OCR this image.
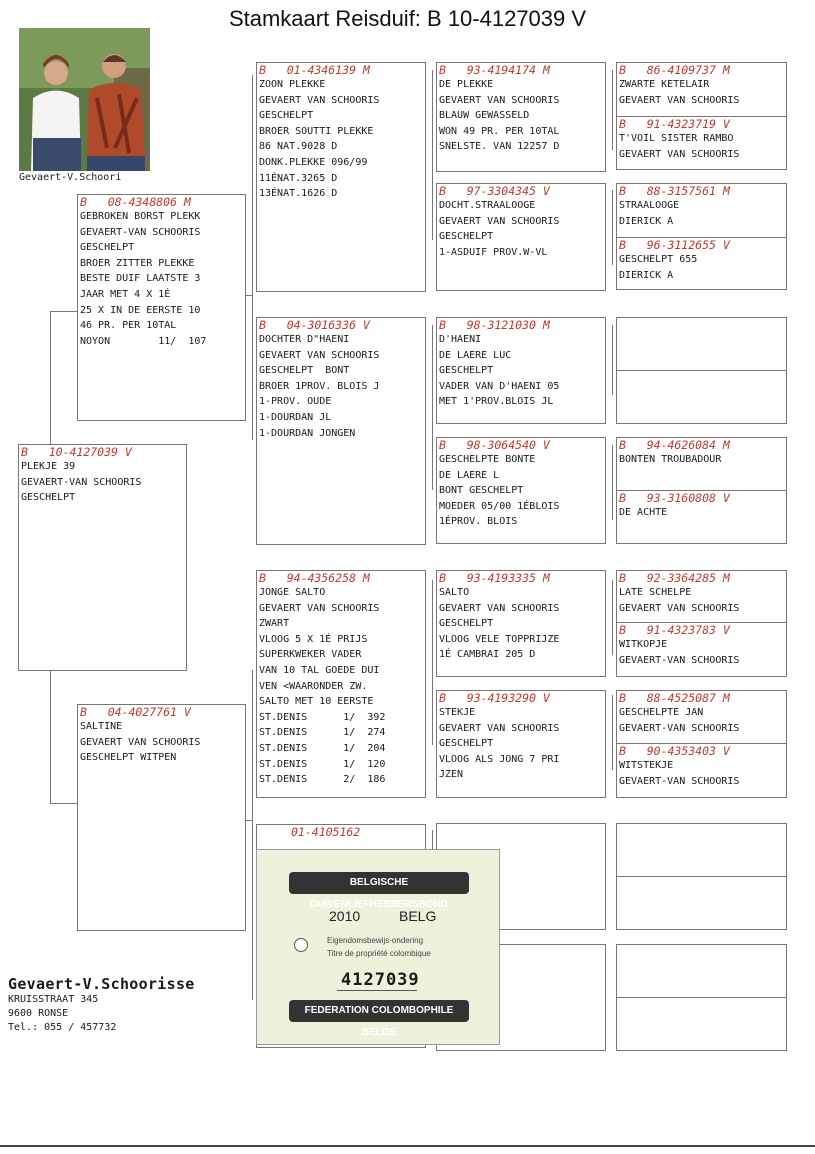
Stamkaart Reisduif: B 10-4127039 V
Gevaert-V.Schoori
B   10-4127039 V
PLEKJE 39
GEVAERT-VAN SCHOORIS
GESCHELPT
B   08-4348806 M
GEBROKEN BORST PLEKK
GEVAERT-VAN SCHOORIS
GESCHELPT
BROER ZITTER PLEKKE
BESTE DUIF LAATSTE 3
JAAR MET 4 X 1É
25 X IN DE EERSTE 10
46 PR. PER 10TAL
NOYON        11/  107
B   04-4027761 V
SALTINE
GEVAERT VAN SCHOORIS
GESCHELPT WITPEN
B   01-4346139 M
ZOON PLEKKE
GEVAERT VAN SCHOORIS
GESCHELPT
BROER SOUTTI PLEKKE
86 NAT.9028 D
DONK.PLEKKE 096/99
11ÉNAT.3265 D
13ÉNAT.1626 D
B   04-3016336 V
DOCHTER D"HAENI
GEVAERT VAN SCHOORIS
GESCHELPT  BONT
BROER 1PROV. BLOIS J
1-PROV. OUDE
1-DOURDAN JL
1-DOURDAN JONGEN
B   94-4356258 M
JONGE SALTO
GEVAERT VAN SCHOORIS
ZWART
VLOOG 5 X 1É PRIJS
SUPERKWEKER VADER
VAN 10 TAL GOEDE DUI
VEN <WAARONDER ZW.
SALTO MET 10 EERSTE
ST.DENIS      1/  392
ST.DENIS      1/  274
ST.DENIS      1/  204
ST.DENIS      1/  120
ST.DENIS      2/  186
01-4105162
B   93-4194174 M
DE PLEKKE
GEVAERT VAN SCHOORIS
BLAUW GEWASSELD
WON 49 PR. PER 10TAL
SNELSTE. VAN 12257 D
B   97-3304345 V
DOCHT.STRAALOOGE
GEVAERT VAN SCHOORIS
GESCHELPT
1-ASDUIF PROV.W-VL
B   98-3121030 M
D'HAENI
DE LAERE LUC
GESCHELPT
VADER VAN D'HAENI 05
MET 1'PROV.BLOIS JL
B   98-3064540 V
GESCHELPTE BONTE
DE LAERE L
BONT GESCHELPT
MOEDER 05/00 1ÉBLOIS
1ÉPROV. BLOIS
B   93-4193335 M
SALTO
GEVAERT VAN SCHOORIS
GESCHELPT
VLOOG VELE TOPPRIJZE
1É CAMBRAI 205 D
B   93-4193290 V
STEKJE
GEVAERT VAN SCHOORIS
GESCHELPT
VLOOG ALS JONG 7 PRI
JZEN
B   86-4109737 M
ZWARTE KETELAIR
GEVAERT VAN SCHOORIS
B   91-4323719 V
T'VOIL SISTER RAMBO
GEVAERT VAN SCHOORIS
B   88-3157561 M
STRAALOOGE
DIERICK A
B   96-3112655 V
GESCHELPT 655
DIERICK A
B   94-4626084 M
BONTEN TROUBADOUR
B   93-3160808 V
DE ACHTE
B   92-3364285 M
LATE SCHELPE
GEVAERT VAN SCHOORIS
B   91-4323783 V
WITKOPJE
GEVAERT-VAN SCHOORIS
B   88-4525087 M
GESCHELPTE JAN
GEVAERT-VAN SCHOORIS
B   90-4353403 V
WITSTEKJE
GEVAERT-VAN SCHOORIS
BELGISCHE DUIVENLIEFHEBBERSBOND
2010	BELG
Eigendomsbewijs·ondering
Titre de propriété colombique
4127039
FEDERATION COLOMBOPHILE BELGE
Gevaert-V.Schoorisse
KRUISSTRAAT 345
9600 RONSE
Tel.: 055 / 457732
